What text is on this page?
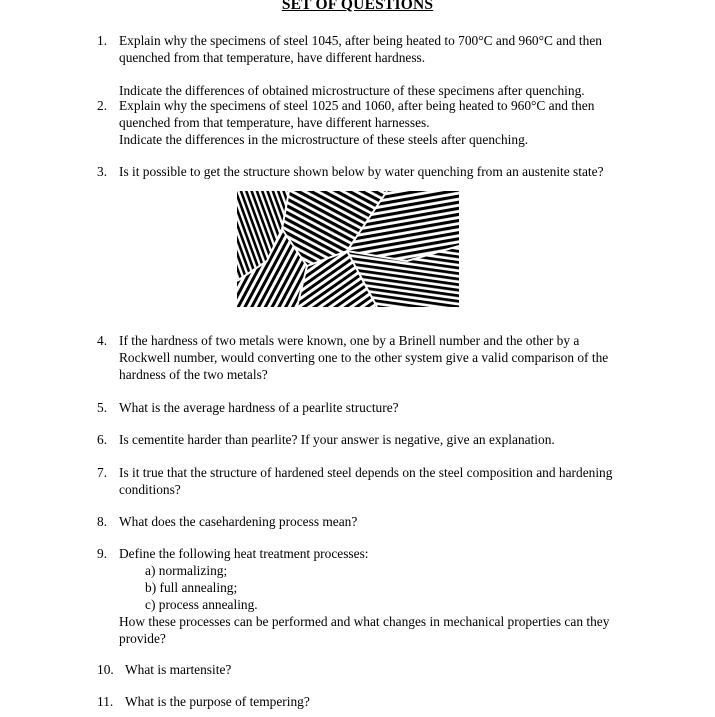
SET OF QUESTIONS
1. Explain why the specimens of steel 1045, after being heated to 700°C and 960°C and then
quenched from that temperature, have different hardness.
Indicate the differences of obtained microstructure of these specimens after quenching.
2. Explain why the specimens of steel 1025 and 1060, after being heated to 960°C and then
quenched from that temperature, have different harnesses.
Indicate the differences in the microstructure of these steels after quenching.
3. Is it possible to get the structure shown below by water quenching from an austenite state?
4. If the hardness of two metals were known, one by a Brinell number and the other by a
Rockwell number, would converting one to the other system give a valid comparison of the
hardness of the two metals?
5. What is the average hardness of a pearlite structure?
6. Is cementite harder than pearlite? If your answer is negative, give an explanation.
7. Is it true that the structure of hardened steel depends on the steel composition and hardening
conditions?
8. What does the casehardening process mean?
9. Define the following heat treatment processes:
a) normalizing;
b) full annealing;
c) process annealing.
How these processes can be performed and what changes in mechanical properties can they
provide?
10. What is martensite?
11. What is the purpose of tempering?
